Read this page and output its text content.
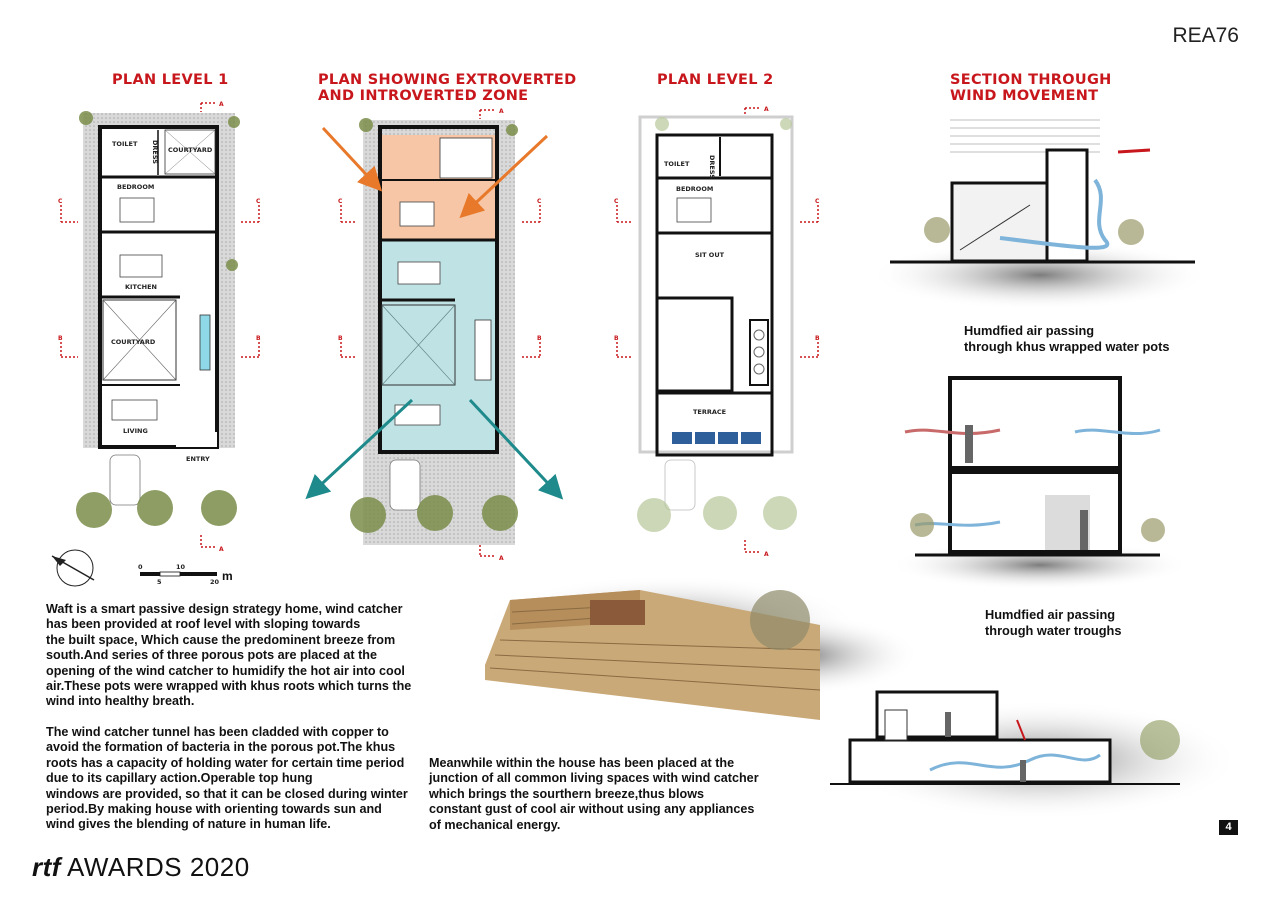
REA76
PLAN LEVEL 1	PLAN SHOWING EXTROVERTED
AND INTROVERTED ZONE
PLAN LEVEL 2	SECTION THROUGH
WIND MOVEMENT
TOILET DRESS COURTYARD
BEDROOM
KITCHEN
COURTYARD
LIVING
ENTRY
A
C	C
B	B
A
0	10
5	20 m
A
C	C
B	B
A
TOILET	DRESS
BEDROOM
SIT OUT
TERRACE
A
C	C
B	B
A
Humdfied air passing
through khus wrapped water pots
Humdfied air passing
through water troughs
Waft is a smart passive design strategy home, wind catcher
has been provided at roof level with sloping towards
the built space, Which cause the predominent breeze from
south.And series of three porous pots are placed at the
opening of the wind catcher to humidify the hot air into cool
air.These pots were wrapped with khus roots which turns the
wind into healthy breath.
The wind catcher tunnel has been cladded with copper to
avoid the formation of bacteria in the porous pot.The khus
roots has a capacity of holding water for certain time period
due to its capillary action.Operable top hung
windows are provided, so that it can be closed during winter
period.By making house with orienting towards sun and
wind gives the blending of nature in human life.
Meanwhile within the house has been placed at the
junction of all common living spaces with wind catcher
which brings the sourthern breeze,thus blows
constant gust of cool air without using any appliances
of mechanical energy.	4
rtf AWARDS 2020
